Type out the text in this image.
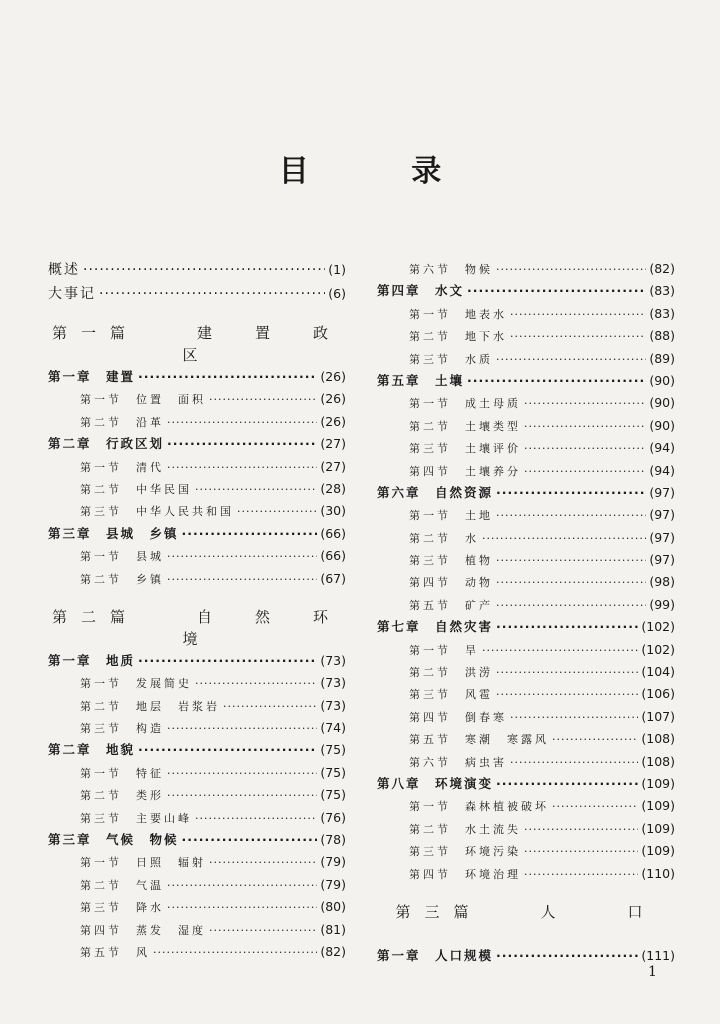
目 录
概述 ·····	(1)
大事记 ·····	(6)
第一篇　　建　置　政　区
第一章　建置 ·····	(26)
第一节　位置　面积 ·····	(26)
第二节　沿革 ·····	(26)
第二章　行政区划 ·····	(27)
第一节　清代 ·····	(27)
第二节　中华民国 ·····	(28)
第三节　中华人民共和国 ·····	(30)
第三章　县城　乡镇 ·····	(66)
第一节　县城 ·····	(66)
第二节　乡镇 ·····	(67)
第二篇　　自　然　环　境
第一章　地质 ·····	(73)
第一节　发展简史 ·····	(73)
第二节　地层　岩浆岩 ·····	(73)
第三节　构造 ·····	(74)
第二章　地貌 ·····	(75)
第一节　特征 ·····	(75)
第二节　类形 ·····	(75)
第三节　主要山峰 ·····	(76)
第三章　气候　物候 ·····	(78)
第一节　日照　辐射 ·····	(79)
第二节　气温 ·····	(79)
第三节　降水 ·····	(80)
第四节　蒸发　湿度 ·····	(81)
第五节　风 ·····	(82)
第六节　物候 ·····	(82)
第四章　水文 ·····	(83)
第一节　地表水 ·····	(83)
第二节　地下水 ·····	(88)
第三节　水质 ·····	(89)
第五章　土壤 ·····	(90)
第一节　成土母质 ·····	(90)
第二节　土壤类型 ·····	(90)
第三节　土壤评价 ·····	(94)
第四节　土壤养分 ·····	(94)
第六章　自然资源 ·····	(97)
第一节　土地 ·····	(97)
第二节　水 ·····	(97)
第三节　植物 ·····	(97)
第四节　动物 ·····	(98)
第五节　矿产 ·····	(99)
第七章　自然灾害 ·····	(102)
第一节　旱 ·····	(102)
第二节　洪涝 ·····	(104)
第三节　风雹 ·····	(106)
第四节　倒春寒 ·····	(107)
第五节　寒潮　寒露风 ·····	(108)
第六节　病虫害 ·····	(108)
第八章　环境演变 ·····	(109)
第一节　森林植被破坏 ·····	(109)
第二节　水土流失 ·····	(109)
第三节　环境污染 ·····	(109)
第四节　环境治理 ·····	(110)
第三篇　　人　　口
第一章　人口规模 ·····	(111)
1
